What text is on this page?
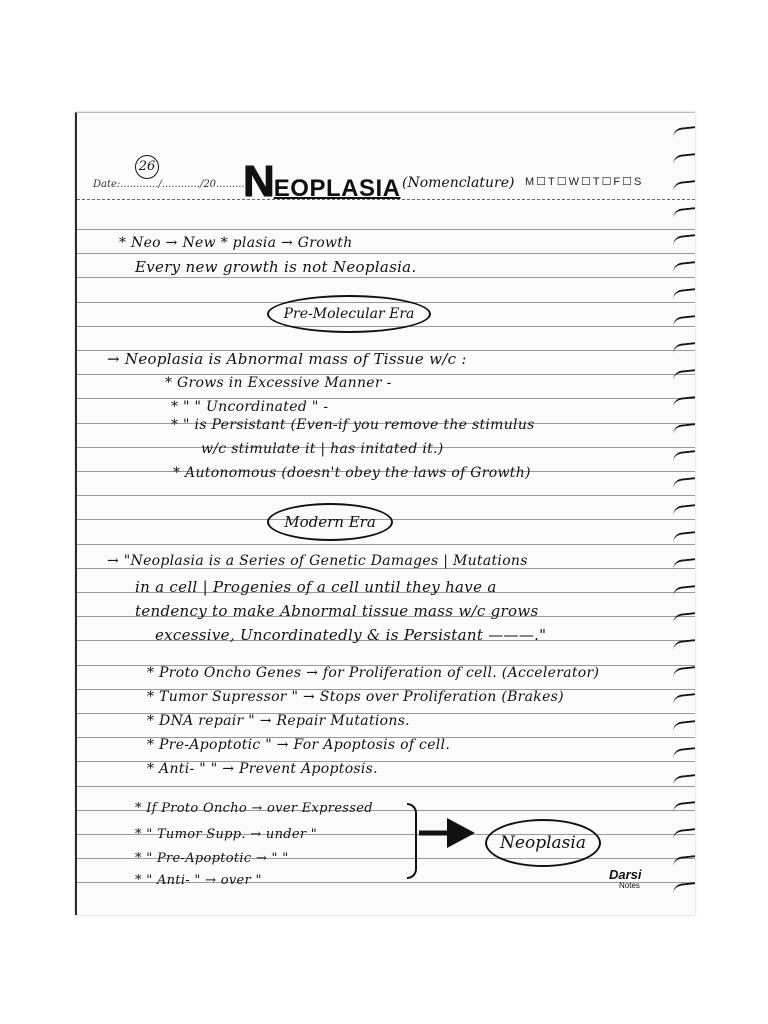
26
Date:............/............/20..........
NEOPLASIA (Nomenclature) M☐T☐W☐T☐F☐S
* Neo → New * plasia → Growth
Every new growth is not Neoplasia.
Pre-Molecular Era
→ Neoplasia is Abnormal mass of Tissue w/c :
* Grows in Excessive Manner -
* " " Uncordinated " -
* " is Persistant (Even-if you remove the stimulus
w/c stimulate it | has initated it.)
* Autonomous (doesn't obey the laws of Growth)
Modern Era
→ "Neoplasia is a Series of Genetic Damages | Mutations
in a cell | Progenies of a cell until they have a
tendency to make Abnormal tissue mass w/c grows
excessive, Uncordinatedly & is Persistant ———."
* Proto Oncho Genes → for Proliferation of cell. (Accelerator)
* Tumor Supressor " → Stops over Proliferation (Brakes)
* DNA repair " → Repair Mutations.
* Pre-Apoptotic " → For Apoptosis of cell.
* Anti- " " → Prevent Apoptosis.
* If Proto Oncho → over Expressed
* " Tumor Supp. → under "
* " Pre-Apoptotic → " "
* " Anti- " → over "
Neoplasia
Darsi
Notes
